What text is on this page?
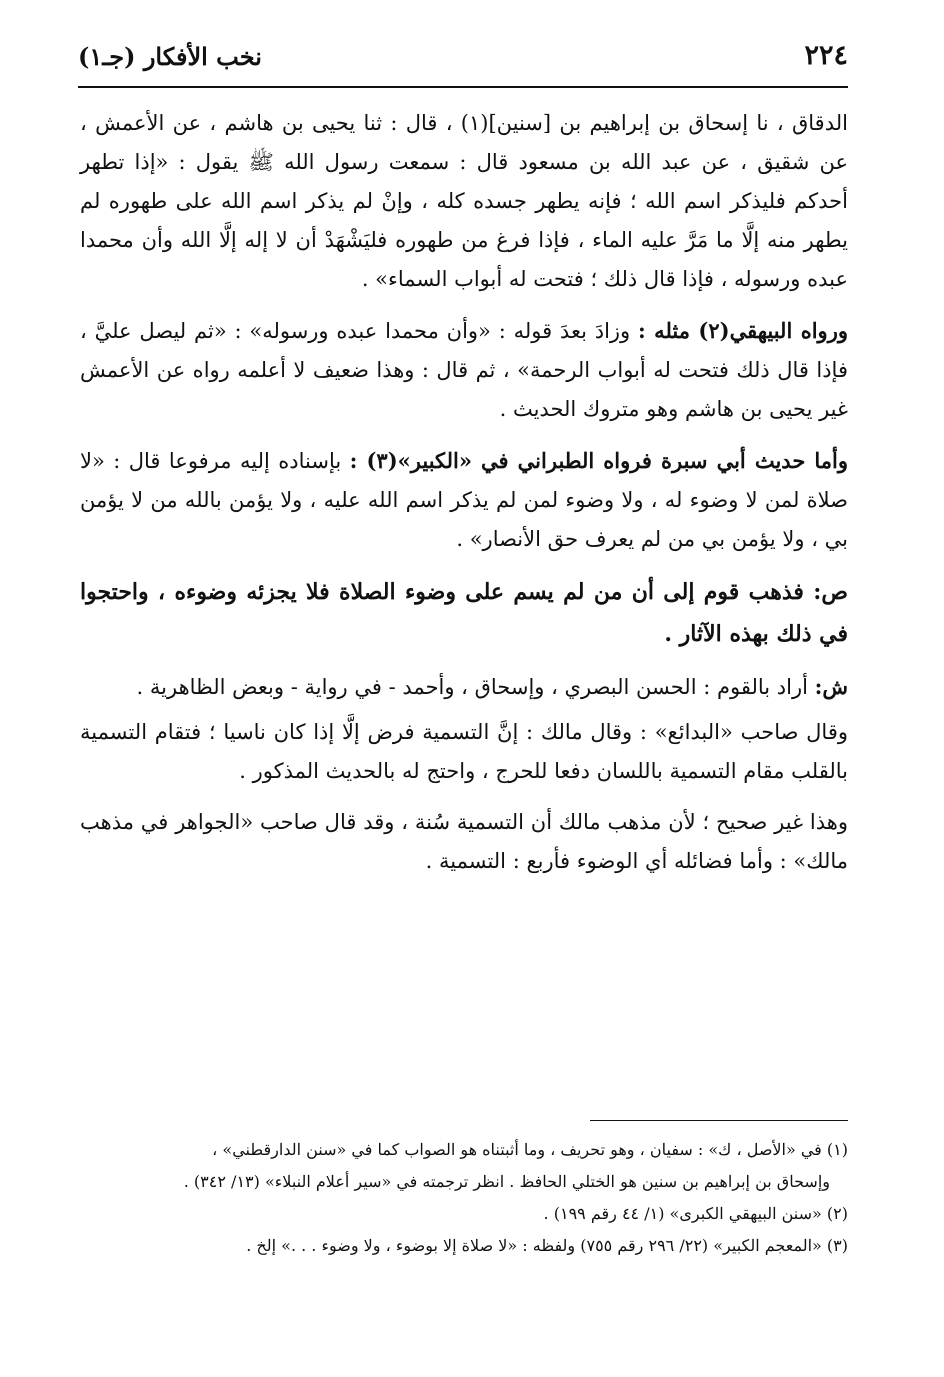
٢٢٤
نخب الأفكار (جـ١)

الدقاق ، نا إسحاق بن إبراهيم بن [سنين](١) ، قال : ثنا يحيى بن هاشم ، عن الأعمش ، عن شقيق ، عن عبد الله بن مسعود قال : سمعت رسول الله ﷺ يقول : «إذا تطهر أحدكم فليذكر اسم الله ؛ فإنه يطهر جسده كله ، وإنْ لم يذكر اسم الله على طهوره لم يطهر منه إلَّا ما مَرَّ عليه الماء ، فإذا فرغ من طهوره فليَشْهَدْ أن لا إله إلَّا الله وأن محمدا عبده ورسوله ، فإذا قال ذلك ؛ فتحت له أبواب السماء» .

ورواه البيهقي(٢) مثله : وزادَ بعدَ قوله : «وأن محمدا عبده ورسوله» : «ثم ليصل عليَّ ، فإذا قال ذلك فتحت له أبواب الرحمة» ، ثم قال : وهذا ضعيف لا أعلمه رواه عن الأعمش غير يحيى بن هاشم وهو متروك الحديث .

وأما حديث أبي سبرة فرواه الطبراني في «الكبير»(٣) : بإسناده إليه مرفوعا قال : «لا صلاة لمن لا وضوء له ، ولا وضوء لمن لم يذكر اسم الله عليه ، ولا يؤمن بالله من لا يؤمن بي ، ولا يؤمن بي من لم يعرف حق الأنصار» .

ص: فذهب قوم إلى أن من لم يسم على وضوء الصلاة فلا يجزئه وضوءه ، واحتجوا في ذلك بهذه الآثار .

ش: أراد بالقوم : الحسن البصري ، وإسحاق ، وأحمد - في رواية - وبعض الظاهرية .

وقال صاحب «البدائع» : وقال مالك : إنَّ التسمية فرض إلَّا إذا كان ناسيا ؛ فتقام التسمية بالقلب مقام التسمية باللسان دفعا للحرج ، واحتج له بالحديث المذكور .

وهذا غير صحيح ؛ لأن مذهب مالك أن التسمية سُنة ، وقد قال صاحب «الجواهر في مذهب مالك» : وأما فضائله أي الوضوء فأربع : التسمية .

(١) في «الأصل ، ك» : سفيان ، وهو تحريف ، وما أثبتناه هو الصواب كما في «سنن الدارقطني» ،
وإسحاق بن إبراهيم بن سنين هو الختلي الحافظ . انظر ترجمته في «سير أعلام النبلاء» (١٣/ ٣٤٢) .
(٢) «سنن البيهقي الكبرى» (١/ ٤٤ رقم ١٩٩) .
(٣) «المعجم الكبير» (٢٢/ ٢٩٦ رقم ٧٥٥) ولفظه : «لا صلاة إلا بوضوء ، ولا وضوء . . .» إلخ .
